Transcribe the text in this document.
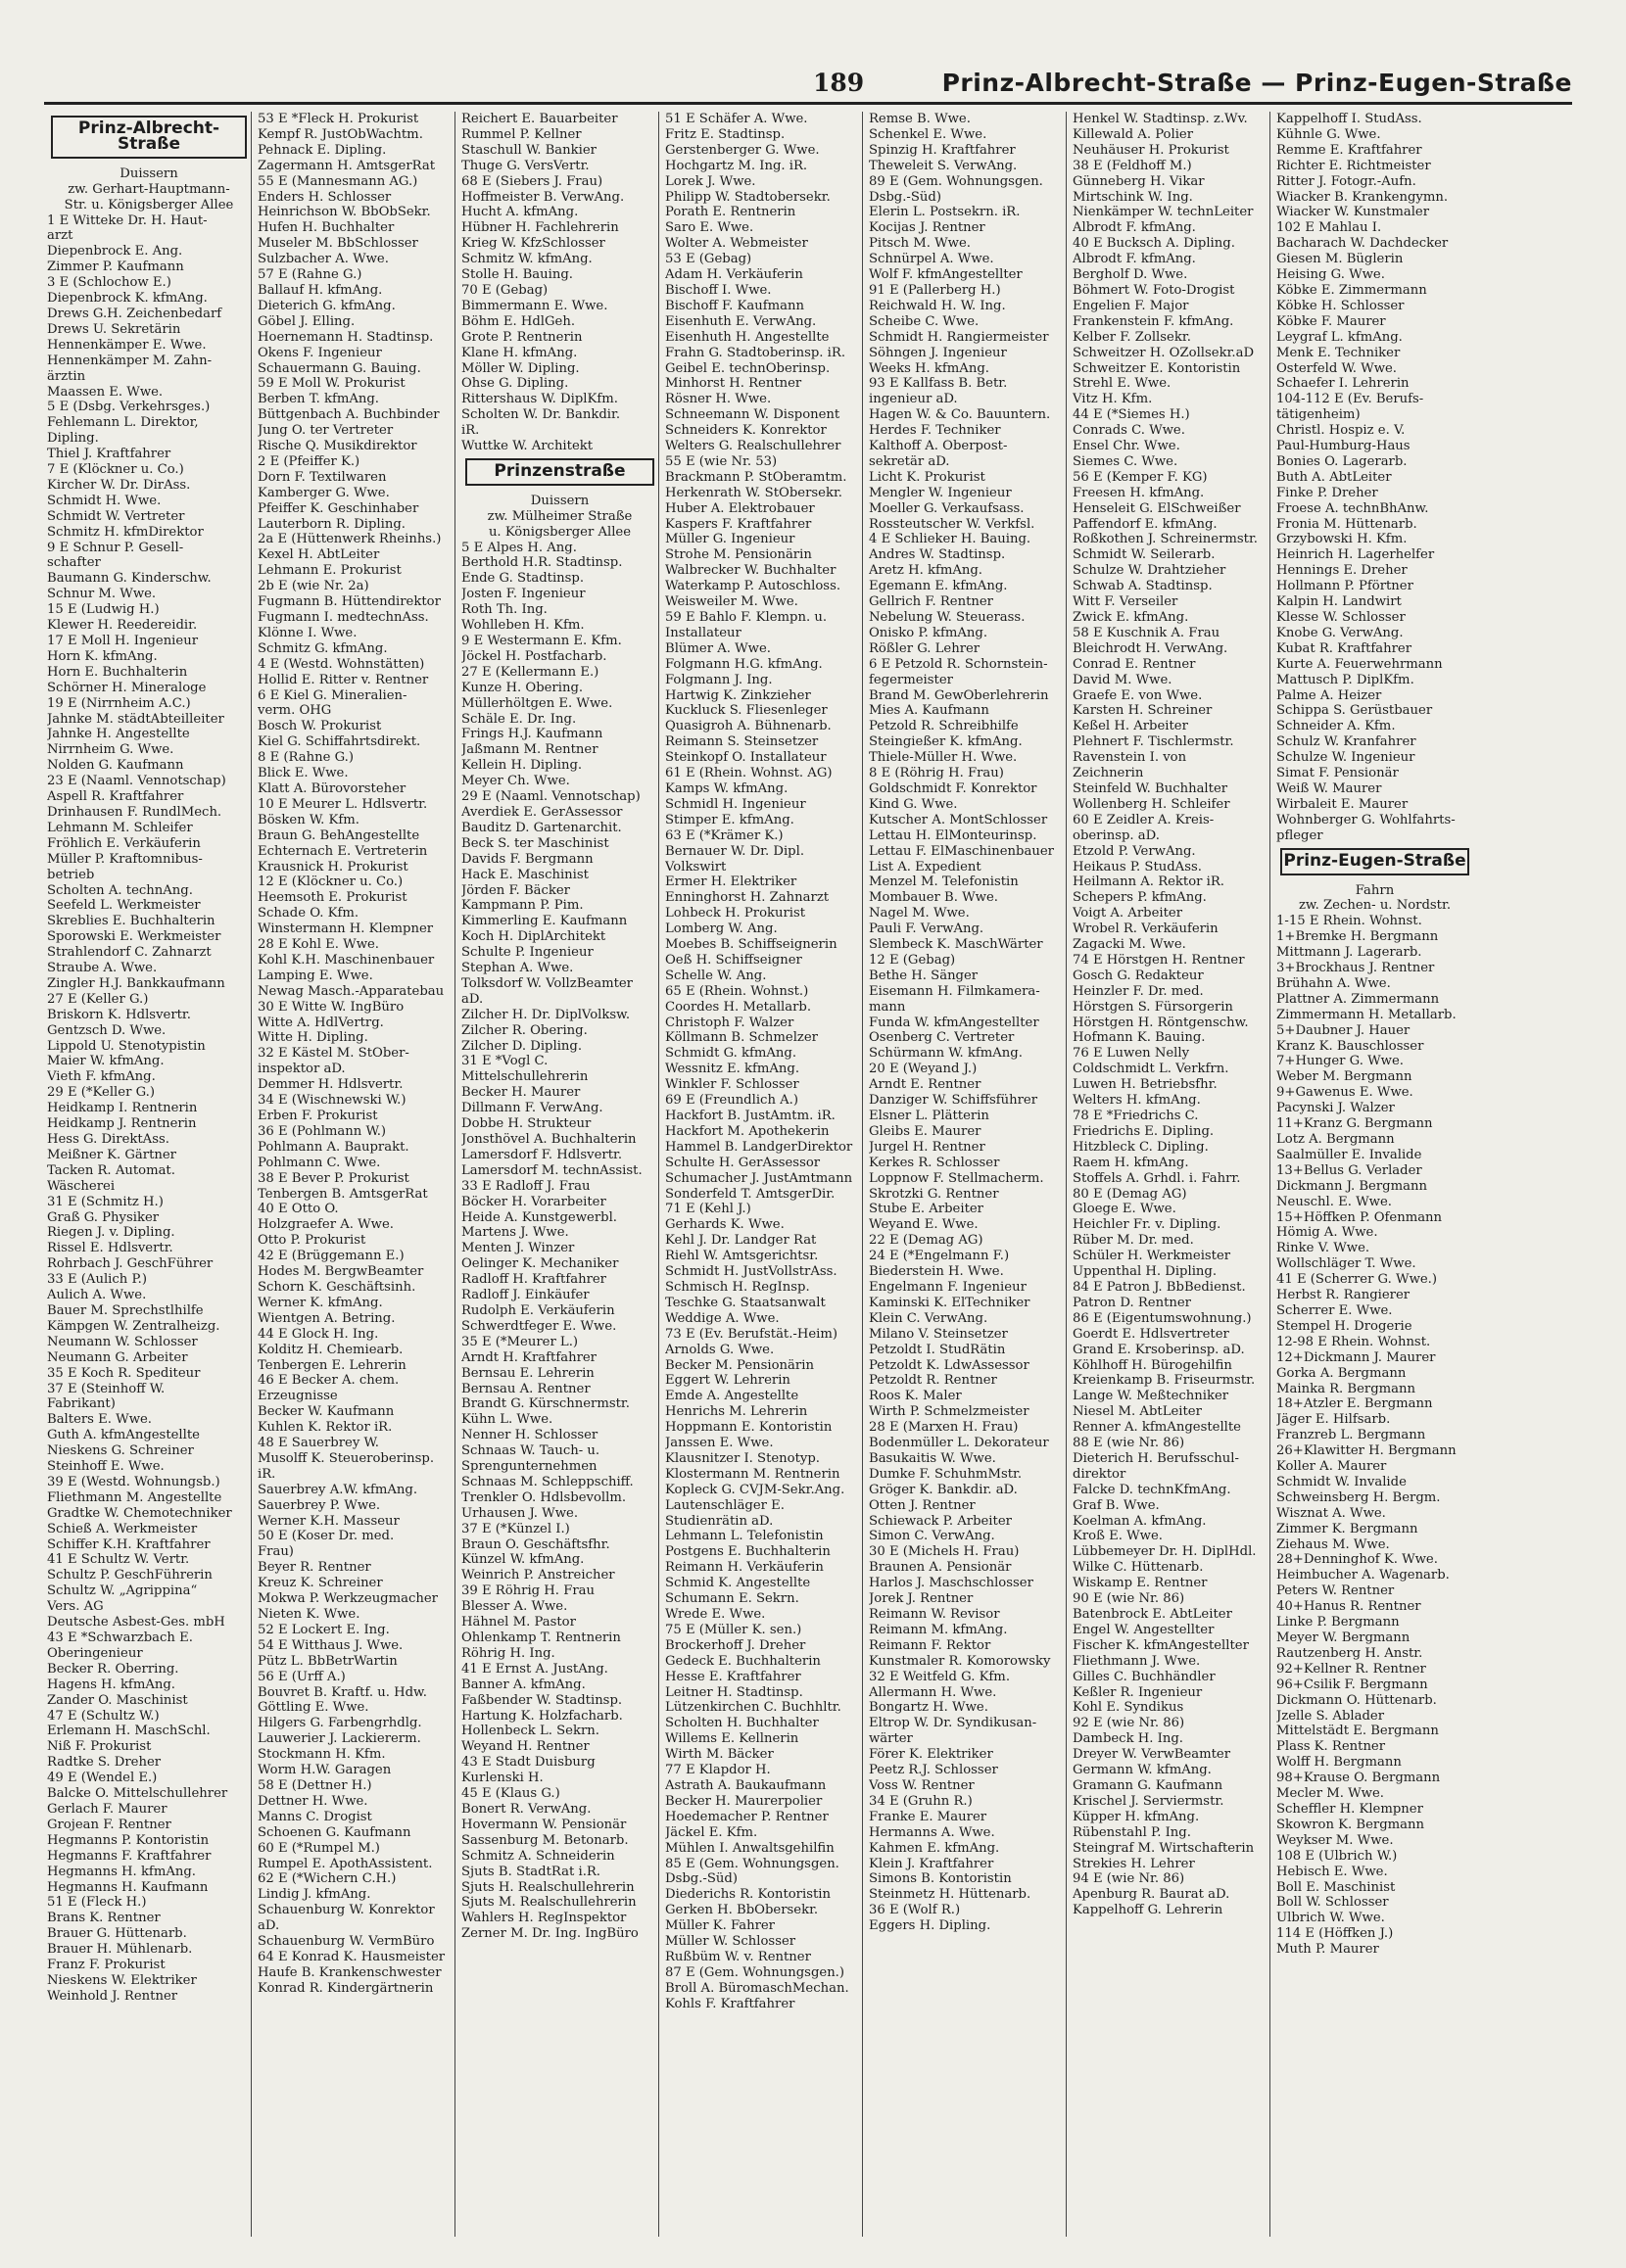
189	Prinz-Albrecht-Straße — Prinz-Eugen-Straße
Prinz-Albrecht-Straße
Duissern
zw. Gerhart-Hauptmann-
Str. u. Königsberger Allee
1 E Witteke Dr. H. Haut-
arzt
Diepenbrock E. Ang.
Zimmer P. Kaufmann
3 E (Schlochow E.)
Diepenbrock K. kfmAng.
Drews G.H. Zeichenbedarf
Drews U. Sekretärin
Hennenkämper E. Wwe.
Hennenkämper M. Zahn-
ärztin
Maassen E. Wwe.
5 E (Dsbg. Verkehrsges.)
Fehlemann L. Direktor,
Dipling.
Thiel J. Kraftfahrer
7 E (Klöckner u. Co.)
Kircher W. Dr. DirAss.
Schmidt H. Wwe.
Schmidt W. Vertreter
Schmitz H. kfmDirektor
9 E Schnur P. Gesell-
schafter
Baumann G. Kinderschw.
Schnur M. Wwe.
15 E (Ludwig H.)
Klewer H. Reedereidir.
17 E Moll H. Ingenieur
Horn K. kfmAng.
Horn E. Buchhalterin
Schörner H. Mineraloge
19 E (Nirrnheim A.C.)
Jahnke M. städtAbteilleiter
Jahnke H. Angestellte
Nirrnheim G. Wwe.
Nolden G. Kaufmann
23 E (Naaml. Vennotschap)
Aspell R. Kraftfahrer
Drinhausen F. RundlMech.
Lehmann M. Schleifer
Fröhlich E. Verkäuferin
Müller P. Kraftomnibus-
betrieb
Scholten A. technAng.
Seefeld L. Werkmeister
Skreblies E. Buchhalterin
Sporowski E. Werkmeister
Strahlendorf C. Zahnarzt
Straube A. Wwe.
Zingler H.J. Bankkaufmann
27 E (Keller G.)
Briskorn K. Hdlsvertr.
Gentzsch D. Wwe.
Lippold U. Stenotypistin
Maier W. kfmAng.
Vieth F. kfmAng.
29 E (*Keller G.)
Heidkamp I. Rentnerin
Heidkamp J. Rentnerin
Hess G. DirektAss.
Meißner K. Gärtner
Tacken R. Automat.
Wäscherei
31 E (Schmitz H.)
Graß G. Physiker
Riegen J. v. Dipling.
Rissel E. Hdlsvertr.
Rohrbach J. GeschFührer
33 E (Aulich P.)
Aulich A. Wwe.
Bauer M. Sprechstlhilfe
Kämpgen W. Zentralheizg.
Neumann W. Schlosser
Neumann G. Arbeiter
35 E Koch R. Spediteur
37 E (Steinhoff W.
Fabrikant)
Balters E. Wwe.
Guth A. kfmAngestellte
Nieskens G. Schreiner
Steinhoff E. Wwe.
39 E (Westd. Wohnungsb.)
Fliethmann M. Angestellte
Gradtke W. Chemotechniker
Schieß A. Werkmeister
Schiffer K.H. Kraftfahrer
41 E Schultz W. Vertr.
Schultz P. GeschFührerin
Schultz W. „Agrippina“
Vers. AG
Deutsche Asbest-Ges. mbH
43 E *Schwarzbach E.
Oberingenieur
Becker R. Oberring.
Hagens H. kfmAng.
Zander O. Maschinist
47 E (Schultz W.)
Erlemann H. MaschSchl.
Niß F. Prokurist
Radtke S. Dreher
49 E (Wendel E.)
Balcke O. Mittelschullehrer
Gerlach F. Maurer
Grojean F. Rentner
Hegmanns P. Kontoristin
Hegmanns F. Kraftfahrer
Hegmanns H. kfmAng.
Hegmanns H. Kaufmann
51 E (Fleck H.)
Brans K. Rentner
Brauer G. Hüttenarb.
Brauer H. Mühlenarb.
Franz F. Prokurist
Nieskens W. Elektriker
Weinhold J. Rentner
53 E *Fleck H. Prokurist
Kempf R. JustObWachtm.
Pehnack E. Dipling.
Zagermann H. AmtsgerRat
55 E (Mannesmann AG.)
Enders H. Schlosser
Heinrichson W. BbObSekr.
Hufen H. Buchhalter
Museler M. BbSchlosser
Sulzbacher A. Wwe.
57 E (Rahne G.)
Ballauf H. kfmAng.
Dieterich G. kfmAng.
Göbel J. Elling.
Hoernemann H. Stadtinsp.
Okens F. Ingenieur
Schauermann G. Bauing.
59 E Moll W. Prokurist
Berben T. kfmAng.
Büttgenbach A. Buchbinder
Jung O. ter Vertreter
Rische Q. Musikdirektor
2 E (Pfeiffer K.)
Dorn F. Textilwaren
Kamberger G. Wwe.
Pfeiffer K. Geschinhaber
Lauterborn R. Dipling.
2a E (Hüttenwerk Rheinhs.)
Kexel H. AbtLeiter
Lehmann E. Prokurist
2b E (wie Nr. 2a)
Fugmann B. Hüttendirektor
Fugmann I. medtechnAss.
Klönne I. Wwe.
Schmitz G. kfmAng.
4 E (Westd. Wohnstätten)
Hollid E. Ritter v. Rentner
6 E Kiel G. Mineralien-
verm. OHG
Bosch W. Prokurist
Kiel G. Schiffahrtsdirekt.
8 E (Rahne G.)
Blick E. Wwe.
Klatt A. Bürovorsteher
10 E Meurer L. Hdlsvertr.
Bösken W. Kfm.
Braun G. BehAngestellte
Echternach E. Vertreterin
Krausnick H. Prokurist
12 E (Klöckner u. Co.)
Heemsoth E. Prokurist
Schade O. Kfm.
Winstermann H. Klempner
28 E Kohl E. Wwe.
Kohl K.H. Maschinenbauer
Lamping E. Wwe.
Newag Masch.-Apparatebau
30 E Witte W. IngBüro
Witte A. HdlVertrg.
Witte H. Dipling.
32 E Kästel M. StOber-
inspektor aD.
Demmer H. Hdlsvertr.
34 E (Wischnewski W.)
Erben F. Prokurist
36 E (Pohlmann W.)
Pohlmann A. Bauprakt.
Pohlmann C. Wwe.
38 E Bever P. Prokurist
Tenbergen B. AmtsgerRat
40 E Otto O.
Holzgraefer A. Wwe.
Otto P. Prokurist
42 E (Brüggemann E.)
Hodes M. BergwBeamter
Schorn K. Geschäftsinh.
Werner K. kfmAng.
Wientgen A. Betring.
44 E Glock H. Ing.
Kolditz H. Chemiearb.
Tenbergen E. Lehrerin
46 E Becker A. chem.
Erzeugnisse
Becker W. Kaufmann
Kuhlen K. Rektor iR.
48 E Sauerbrey W.
Musolff K. Steueroberinsp.
iR.
Sauerbrey A.W. kfmAng.
Sauerbrey P. Wwe.
Werner K.H. Masseur
50 E (Koser Dr. med.
Frau)
Beyer R. Rentner
Kreuz K. Schreiner
Mokwa P. Werkzeugmacher
Nieten K. Wwe.
52 E Lockert E. Ing.
54 E Witthaus J. Wwe.
Pütz L. BbBetrWartin
56 E (Urff A.)
Bouvret B. Kraftf. u. Hdw.
Göttling E. Wwe.
Hilgers G. Farbengrhdlg.
Lauwerier J. Lackiererm.
Stockmann H. Kfm.
Worm H.W. Garagen
58 E (Dettner H.)
Dettner H. Wwe.
Manns C. Drogist
Schoenen G. Kaufmann
60 E (*Rumpel M.)
Rumpel E. ApothAssistent.
62 E (*Wichern C.H.)
Lindig J. kfmAng.
Schauenburg W. Konrektor
aD.
Schauenburg W. VermBüro
64 E Konrad K. Hausmeister
Haufe B. Krankenschwester
Konrad R. Kindergärtnerin
Reichert E. Bauarbeiter
Rummel P. Kellner
Staschull W. Bankier
Thuge G. VersVertr.
68 E (Siebers J. Frau)
Hoffmeister B. VerwAng.
Hucht A. kfmAng.
Hübner H. Fachlehrerin
Krieg W. KfzSchlosser
Schmitz W. kfmAng.
Stolle H. Bauing.
70 E (Gebag)
Bimmermann E. Wwe.
Böhm E. HdlGeh.
Grote P. Rentnerin
Klane H. kfmAng.
Möller W. Dipling.
Ohse G. Dipling.
Rittershaus W. DiplKfm.
Scholten W. Dr. Bankdir.
iR.
Wuttke W. Architekt
Prinzenstraße
Duissern
zw. Mülheimer Straße
u. Königsberger Allee
5 E Alpes H. Ang.
Berthold H.R. Stadtinsp.
Ende G. Stadtinsp.
Josten F. Ingenieur
Roth Th. Ing.
Wohlleben H. Kfm.
9 E Westermann E. Kfm.
Jöckel H. Postfacharb.
27 E (Kellermann E.)
Kunze H. Obering.
Müllerhöltgen E. Wwe.
Schäle E. Dr. Ing.
Frings H.J. Kaufmann
Jaßmann M. Rentner
Kellein H. Dipling.
Meyer Ch. Wwe.
29 E (Naaml. Vennotschap)
Averdiek E. GerAssessor
Bauditz D. Gartenarchit.
Beck S. ter Maschinist
Davids F. Bergmann
Hack E. Maschinist
Jörden F. Bäcker
Kampmann P. Pim.
Kimmerling E. Kaufmann
Koch H. DiplArchitekt
Schulte P. Ingenieur
Stephan A. Wwe.
Tolksdorf W. VollzBeamter
aD.
Zilcher H. Dr. DiplVolksw.
Zilcher R. Obering.
Zilcher D. Dipling.
31 E *Vogl C.
Mittelschullehrerin
Becker H. Maurer
Dillmann F. VerwAng.
Dobbe H. Strukteur
Jonsthövel A. Buchhalterin
Lamersdorf F. Hdlsvertr.
Lamersdorf M. technAssist.
33 E Radloff J. Frau
Böcker H. Vorarbeiter
Heide A. Kunstgewerbl.
Martens J. Wwe.
Menten J. Winzer
Oelinger K. Mechaniker
Radloff H. Kraftfahrer
Radloff J. Einkäufer
Rudolph E. Verkäuferin
Schwerdtfeger E. Wwe.
35 E (*Meurer L.)
Arndt H. Kraftfahrer
Bernsau E. Lehrerin
Bernsau A. Rentner
Brandt G. Kürschnermstr.
Kühn L. Wwe.
Nenner H. Schlosser
Schnaas W. Tauch- u.
Sprengunternehmen
Schnaas M. Schleppschiff.
Trenkler O. Hdlsbevollm.
Urhausen J. Wwe.
37 E (*Künzel I.)
Braun O. Geschäftsfhr.
Künzel W. kfmAng.
Weinrich P. Anstreicher
39 E Röhrig H. Frau
Blesser A. Wwe.
Hähnel M. Pastor
Ohlenkamp T. Rentnerin
Röhrig H. Ing.
41 E Ernst A. JustAng.
Banner A. kfmAng.
Faßbender W. Stadtinsp.
Hartung K. Holzfacharb.
Hollenbeck L. Sekrn.
Weyand H. Rentner
43 E Stadt Duisburg
Kurlenski H.
45 E (Klaus G.)
Bonert R. VerwAng.
Hovermann W. Pensionär
Sassenburg M. Betonarb.
Schmitz A. Schneiderin
Sjuts B. StadtRat i.R.
Sjuts H. Realschullehrerin
Sjuts M. Realschullehrerin
Wahlers H. RegInspektor
Zerner M. Dr. Ing. IngBüro
51 E Schäfer A. Wwe.
Fritz E. Stadtinsp.
Gerstenberger G. Wwe.
Hochgartz M. Ing. iR.
Lorek J. Wwe.
Philipp W. Stadtobersekr.
Porath E. Rentnerin
Saro E. Wwe.
Wolter A. Webmeister
53 E (Gebag)
Adam H. Verkäuferin
Bischoff I. Wwe.
Bischoff F. Kaufmann
Eisenhuth E. VerwAng.
Eisenhuth H. Angestellte
Frahn G. Stadtoberinsp. iR.
Geibel E. technOberinsp.
Minhorst H. Rentner
Rösner H. Wwe.
Schneemann W. Disponent
Schneiders K. Konrektor
Welters G. Realschullehrer
55 E (wie Nr. 53)
Brackmann P. StOberamtm.
Herkenrath W. StObersekr.
Huber A. Elektrobauer
Kaspers F. Kraftfahrer
Müller G. Ingenieur
Strohe M. Pensionärin
Walbrecker W. Buchhalter
Waterkamp P. Autoschloss.
Weisweiler M. Wwe.
59 E Bahlo F. Klempn. u.
Installateur
Blümer A. Wwe.
Folgmann H.G. kfmAng.
Folgmann J. Ing.
Hartwig K. Zinkzieher
Kuckluck S. Fliesenleger
Quasigroh A. Bühnenarb.
Reimann S. Steinsetzer
Steinkopf O. Installateur
61 E (Rhein. Wohnst. AG)
Kamps W. kfmAng.
Schmidl H. Ingenieur
Stimper E. kfmAng.
63 E (*Krämer K.)
Bernauer W. Dr. Dipl.
Volkswirt
Ermer H. Elektriker
Enninghorst H. Zahnarzt
Lohbeck H. Prokurist
Lomberg W. Ang.
Moebes B. Schiffseignerin
Oeß H. Schiffseigner
Schelle W. Ang.
65 E (Rhein. Wohnst.)
Coordes H. Metallarb.
Christoph F. Walzer
Köllmann B. Schmelzer
Schmidt G. kfmAng.
Wessnitz E. kfmAng.
Winkler F. Schlosser
69 E (Freundlich A.)
Hackfort B. JustAmtm. iR.
Hackfort M. Apothekerin
Hammel B. LandgerDirektor
Schulte H. GerAssessor
Schumacher J. JustAmtmann
Sonderfeld T. AmtsgerDir.
71 E (Kehl J.)
Gerhards K. Wwe.
Kehl J. Dr. Landger Rat
Riehl W. Amtsgerichtsr.
Schmidt H. JustVollstrAss.
Schmisch H. RegInsp.
Teschke G. Staatsanwalt
Weddige A. Wwe.
73 E (Ev. Berufstät.-Heim)
Arnolds G. Wwe.
Becker M. Pensionärin
Eggert W. Lehrerin
Emde A. Angestellte
Henrichs M. Lehrerin
Hoppmann E. Kontoristin
Janssen E. Wwe.
Klausnitzer I. Stenotyp.
Klostermann M. Rentnerin
Kopleck G. CVJM-Sekr.Ang.
Lautenschläger E.
Studienrätin aD.
Lehmann L. Telefonistin
Postgens E. Buchhalterin
Reimann H. Verkäuferin
Schmid K. Angestellte
Schumann E. Sekrn.
Wrede E. Wwe.
75 E (Müller K. sen.)
Brockerhoff J. Dreher
Gedeck E. Buchhalterin
Hesse E. Kraftfahrer
Leitner H. Stadtinsp.
Lützenkirchen C. Buchhltr.
Scholten H. Buchhalter
Willems E. Kellnerin
Wirth M. Bäcker
77 E Klapdor H.
Astrath A. Baukaufmann
Becker H. Maurerpolier
Hoedemacher P. Rentner
Jäckel E. Kfm.
Mühlen I. Anwaltsgehilfin
85 E (Gem. Wohnungsgen.
Dsbg.-Süd)
Diederichs R. Kontoristin
Gerken H. BbObersekr.
Müller K. Fahrer
Müller W. Schlosser
Rußbüm W. v. Rentner
87 E (Gem. Wohnungsgen.)
Broll A. BüromaschMechan.
Kohls F. Kraftfahrer
Remse B. Wwe.
Schenkel E. Wwe.
Spinzig H. Kraftfahrer
Theweleit S. VerwAng.
89 E (Gem. Wohnungsgen.
Dsbg.-Süd)
Elerin L. Postsekrn. iR.
Kocijas J. Rentner
Pitsch M. Wwe.
Schnürpel A. Wwe.
Wolf F. kfmAngestellter
91 E (Pallerberg H.)
Reichwald H. W. Ing.
Scheibe C. Wwe.
Schmidt H. Rangiermeister
Söhngen J. Ingenieur
Weeks H. kfmAng.
93 E Kallfass B. Betr.
ingenieur aD.
Hagen W. & Co. Bauuntern.
Herdes F. Techniker
Kalthoff A. Oberpost-
sekretär aD.
Licht K. Prokurist
Mengler W. Ingenieur
Moeller G. Verkaufsass.
Rossteutscher W. Verkfsl.
4 E Schlieker H. Bauing.
Andres W. Stadtinsp.
Aretz H. kfmAng.
Egemann E. kfmAng.
Gellrich F. Rentner
Nebelung W. Steuerass.
Onisko P. kfmAng.
Rößler G. Lehrer
6 E Petzold R. Schornstein-
fegermeister
Brand M. GewOberlehrerin
Mies A. Kaufmann
Petzold R. Schreibhilfe
Steingießer K. kfmAng.
Thiele-Müller H. Wwe.
8 E (Röhrig H. Frau)
Goldschmidt F. Konrektor
Kind G. Wwe.
Kutscher A. MontSchlosser
Lettau H. ElMonteurinsp.
Lettau F. ElMaschinenbauer
List A. Expedient
Menzel M. Telefonistin
Mombauer B. Wwe.
Nagel M. Wwe.
Pauli F. VerwAng.
Slembeck K. MaschWärter
12 E (Gebag)
Bethe H. Sänger
Eisemann H. Filmkamera-
mann
Funda W. kfmAngestellter
Osenberg C. Vertreter
Schürmann W. kfmAng.
20 E (Weyand J.)
Arndt E. Rentner
Danziger W. Schiffsführer
Elsner L. Plätterin
Gleibs E. Maurer
Jurgel H. Rentner
Kerkes R. Schlosser
Loppnow F. Stellmacherm.
Skrotzki G. Rentner
Stube E. Arbeiter
Weyand E. Wwe.
22 E (Demag AG)
24 E (*Engelmann F.)
Biederstein H. Wwe.
Engelmann F. Ingenieur
Kaminski K. ElTechniker
Klein C. VerwAng.
Milano V. Steinsetzer
Petzoldt I. StudRätin
Petzoldt K. LdwAssessor
Petzoldt R. Rentner
Roos K. Maler
Wirth P. Schmelzmeister
28 E (Marxen H. Frau)
Bodenmüller L. Dekorateur
Basukaitis W. Wwe.
Dumke F. SchuhmMstr.
Gröger K. Bankdir. aD.
Otten J. Rentner
Schiewack P. Arbeiter
Simon C. VerwAng.
30 E (Michels H. Frau)
Braunen A. Pensionär
Harlos J. Maschschlosser
Jorek J. Rentner
Reimann W. Revisor
Reimann M. kfmAng.
Reimann F. Rektor
Kunstmaler R. Komorowsky
32 E Weitfeld G. Kfm.
Allermann H. Wwe.
Bongartz H. Wwe.
Eltrop W. Dr. Syndikusan-
wärter
Förer K. Elektriker
Peetz R.J. Schlosser
Voss W. Rentner
34 E (Gruhn R.)
Franke E. Maurer
Hermanns A. Wwe.
Kahmen E. kfmAng.
Klein J. Kraftfahrer
Simons B. Kontoristin
Steinmetz H. Hüttenarb.
36 E (Wolf R.)
Eggers H. Dipling.
Henkel W. Stadtinsp. z.Wv.
Killewald A. Polier
Neuhäuser H. Prokurist
38 E (Feldhoff M.)
Günneberg H. Vikar
Mirtschink W. Ing.
Nienkämper W. technLeiter
Albrodt F. kfmAng.
40 E Bucksch A. Dipling.
Albrodt F. kfmAng.
Bergholf D. Wwe.
Böhmert W. Foto-Drogist
Engelien F. Major
Frankenstein F. kfmAng.
Kelber F. Zollsekr.
Schweitzer H. OZollsekr.aD
Schweitzer E. Kontoristin
Strehl E. Wwe.
Vitz H. Kfm.
44 E (*Siemes H.)
Conrads C. Wwe.
Ensel Chr. Wwe.
Siemes C. Wwe.
56 E (Kemper F. KG)
Freesen H. kfmAng.
Henseleit G. ElSchweißer
Paffendorf E. kfmAng.
Roßkothen J. Schreinermstr.
Schmidt W. Seilerarb.
Schulze W. Drahtzieher
Schwab A. Stadtinsp.
Witt F. Verseiler
Zwick E. kfmAng.
58 E Kuschnik A. Frau
Bleichrodt H. VerwAng.
Conrad E. Rentner
David M. Wwe.
Graefe E. von Wwe.
Karsten H. Schreiner
Keßel H. Arbeiter
Plehnert F. Tischlermstr.
Ravenstein I. von
Zeichnerin
Steinfeld W. Buchhalter
Wollenberg H. Schleifer
60 E Zeidler A. Kreis-
oberinsp. aD.
Etzold P. VerwAng.
Heikaus P. StudAss.
Heilmann A. Rektor iR.
Schepers P. kfmAng.
Voigt A. Arbeiter
Wrobel R. Verkäuferin
Zagacki M. Wwe.
74 E Hörstgen H. Rentner
Gosch G. Redakteur
Heinzler F. Dr. med.
Hörstgen S. Fürsorgerin
Hörstgen H. Röntgenschw.
Hofmann K. Bauing.
76 E Luwen Nelly
Coldschmidt L. Verkfrn.
Luwen H. Betriebsfhr.
Welters H. kfmAng.
78 E *Friedrichs C.
Friedrichs E. Dipling.
Hitzbleck C. Dipling.
Raem H. kfmAng.
Stoffels A. Grhdl. i. Fahrr.
80 E (Demag AG)
Gloege E. Wwe.
Heichler Fr. v. Dipling.
Rüber M. Dr. med.
Schüler H. Werkmeister
Uppenthal H. Dipling.
84 E Patron J. BbBedienst.
Patron D. Rentner
86 E (Eigentumswohnung.)
Goerdt E. Hdlsvertreter
Grand E. Krsoberinsp. aD.
Köhlhoff H. Bürogehilfin
Kreienkamp B. Friseurmstr.
Lange W. Meßtechniker
Niesel M. AbtLeiter
Renner A. kfmAngestellte
88 E (wie Nr. 86)
Dieterich H. Berufsschul-
direktor
Falcke D. technKfmAng.
Graf B. Wwe.
Koelman A. kfmAng.
Kroß E. Wwe.
Lübbemeyer Dr. H. DiplHdl.
Wilke C. Hüttenarb.
Wiskamp E. Rentner
90 E (wie Nr. 86)
Batenbrock E. AbtLeiter
Engel W. Angestellter
Fischer K. kfmAngestellter
Fliethmann J. Wwe.
Gilles C. Buchhändler
Keßler R. Ingenieur
Kohl E. Syndikus
92 E (wie Nr. 86)
Dambeck H. Ing.
Dreyer W. VerwBeamter
Germann W. kfmAng.
Gramann G. Kaufmann
Krischel J. Serviermstr.
Küpper H. kfmAng.
Rübenstahl P. Ing.
Steingraf M. Wirtschafterin
Strekies H. Lehrer
94 E (wie Nr. 86)
Apenburg R. Baurat aD.
Kappelhoff G. Lehrerin
Kappelhoff I. StudAss.
Kühnle G. Wwe.
Remme E. Kraftfahrer
Richter E. Richtmeister
Ritter J. Fotogr.-Aufn.
Wiacker B. Krankengymn.
Wiacker W. Kunstmaler
102 E Mahlau I.
Bacharach W. Dachdecker
Giesen M. Büglerin
Heising G. Wwe.
Köbke E. Zimmermann
Köbke H. Schlosser
Köbke F. Maurer
Leygraf L. kfmAng.
Menk E. Techniker
Osterfeld W. Wwe.
Schaefer I. Lehrerin
104-112 E (Ev. Berufs-
tätigenheim)
Christl. Hospiz e. V.
Paul-Humburg-Haus
Bonies O. Lagerarb.
Buth A. AbtLeiter
Finke P. Dreher
Froese A. technBhAnw.
Fronia M. Hüttenarb.
Grzybowski H. Kfm.
Heinrich H. Lagerhelfer
Hennings E. Dreher
Hollmann P. Pförtner
Kalpin H. Landwirt
Klesse W. Schlosser
Knobe G. VerwAng.
Kubat R. Kraftfahrer
Kurte A. Feuerwehrmann
Mattusch P. DiplKfm.
Palme A. Heizer
Schippa S. Gerüstbauer
Schneider A. Kfm.
Schulz W. Kranfahrer
Schulze W. Ingenieur
Simat F. Pensionär
Weiß W. Maurer
Wirbaleit E. Maurer
Wohnberger G. Wohlfahrts-
pfleger
Prinz-Eugen-Straße
Fahrn
zw. Zechen- u. Nordstr.
1-15 E Rhein. Wohnst.
1+Bremke H. Bergmann
Mittmann J. Lagerarb.
3+Brockhaus J. Rentner
Brühahn A. Wwe.
Plattner A. Zimmermann
Zimmermann H. Metallarb.
5+Daubner J. Hauer
Kranz K. Bauschlosser
7+Hunger G. Wwe.
Weber M. Bergmann
9+Gawenus E. Wwe.
Pacynski J. Walzer
11+Kranz G. Bergmann
Lotz A. Bergmann
Saalmüller E. Invalide
13+Bellus G. Verlader
Dickmann J. Bergmann
Neuschl. E. Wwe.
15+Höffken P. Ofenmann
Hömig A. Wwe.
Rinke V. Wwe.
Wollschläger T. Wwe.
41 E (Scherrer G. Wwe.)
Herbst R. Rangierer
Scherrer E. Wwe.
Stempel H. Drogerie
12-98 E Rhein. Wohnst.
12+Dickmann J. Maurer
Gorka A. Bergmann
Mainka R. Bergmann
18+Atzler E. Bergmann
Jäger E. Hilfsarb.
Franzreb L. Bergmann
26+Klawitter H. Bergmann
Koller A. Maurer
Schmidt W. Invalide
Schweinsberg H. Bergm.
Wisznat A. Wwe.
Zimmer K. Bergmann
Ziehaus M. Wwe.
28+Denninghof K. Wwe.
Heimbucher A. Wagenarb.
Peters W. Rentner
40+Hanus R. Rentner
Linke P. Bergmann
Meyer W. Bergmann
Rautzenberg H. Anstr.
92+Kellner R. Rentner
96+Csilik F. Bergmann
Dickmann O. Hüttenarb.
Jzelle S. Ablader
Mittelstädt E. Bergmann
Plass K. Rentner
Wolff H. Bergmann
98+Krause O. Bergmann
Mecler M. Wwe.
Scheffler H. Klempner
Skowron K. Bergmann
Weykser M. Wwe.
108 E (Ulbrich W.)
Hebisch E. Wwe.
Boll E. Maschinist
Boll W. Schlosser
Ulbrich W. Wwe.
114 E (Höffken J.)
Muth P. Maurer
